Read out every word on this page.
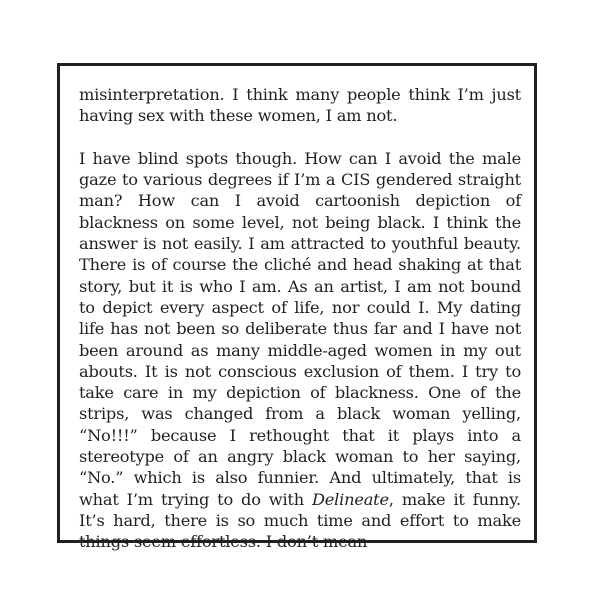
misinterpretation. I think many people think I’m just having sex with these women, I am not.

I have blind spots though. How can I avoid the male gaze to various degrees if I’m a CIS gendered straight man? How can I avoid cartoonish depiction of blackness on some level, not being black. I think the answer is not easily. I am attracted to youthful beauty. There is of course the cliché and head shaking at that story, but it is who I am. As an artist, I am not bound to depict every aspect of life, nor could I. My dating life has not been so deliberate thus far and I have not been around as many middle-aged women in my out abouts. It is not conscious exclusion of them. I try to take care in my depiction of blackness. One of the strips, was changed from a black woman yelling, “No!!!” because I rethought that it plays into a stereotype of an angry black woman to her saying, “No.” which is also funnier. And ultimately, that is what I’m trying to do with Delineate, make it funny. It’s hard, there is so much time and effort to make things seem effortless. I don’t mean
